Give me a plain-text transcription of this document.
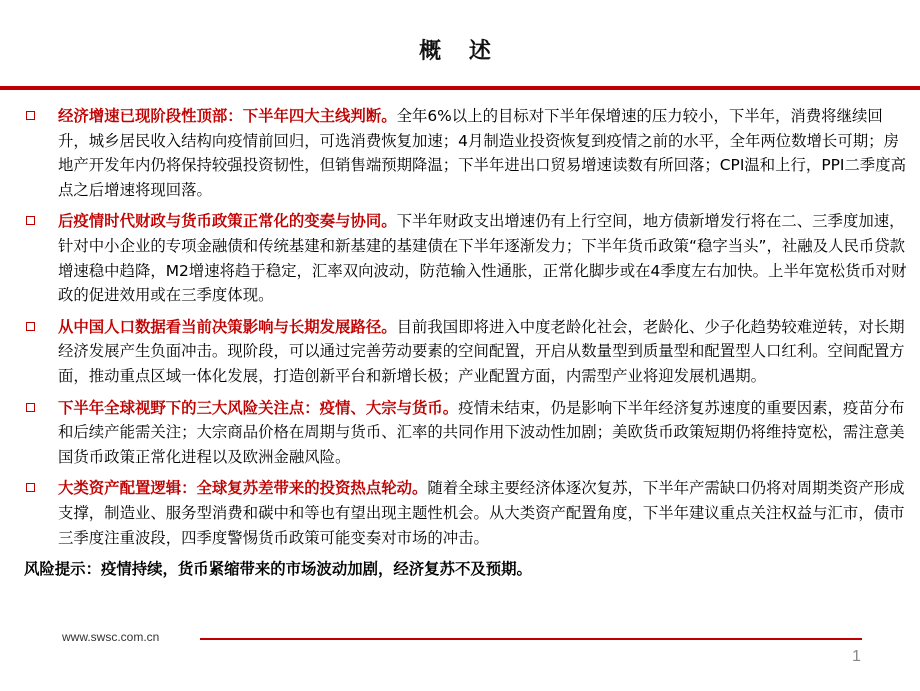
概 述
经济增速已现阶段性顶部：下半年四大主线判断。全年6%以上的目标对下半年保增速的压力较小，下半年，消费将继续回升，城乡居民收入结构向疫情前回归，可选消费恢复加速；4月制造业投资恢复到疫情之前的水平，全年两位数增长可期；房地产开发年内仍将保持较强投资韧性，但销售端预期降温；下半年进出口贸易增速读数有所回落；CPI温和上行，PPI二季度高点之后增速将现回落。
后疫情时代财政与货币政策正常化的变奏与协同。下半年财政支出增速仍有上行空间，地方债新增发行将在二、三季度加速，针对中小企业的专项金融债和传统基建和新基建的基建债在下半年逐渐发力；下半年货币政策“稳字当头”，社融及人民币贷款增速稳中趋降，M2增速将趋于稳定，汇率双向波动，防范输入性通胀，正常化脚步或在4季度左右加快。上半年宽松货币对财政的促进效用或在三季度体现。
从中国人口数据看当前决策影响与长期发展路径。目前我国即将进入中度老龄化社会，老龄化、少子化趋势较难逆转，对长期经济发展产生负面冲击。现阶段，可以通过完善劳动要素的空间配置，开启从数量型到质量型和配置型人口红利。空间配置方面，推动重点区域一体化发展，打造创新平台和新增长极；产业配置方面，内需型产业将迎发展机遇期。
下半年全球视野下的三大风险关注点：疫情、大宗与货币。疫情未结束，仍是影响下半年经济复苏速度的重要因素，疫苗分布和后续产能需关注；大宗商品价格在周期与货币、汇率的共同作用下波动性加剧；美欧货币政策短期仍将维持宽松，需注意美国货币政策正常化进程以及欧洲金融风险。
大类资产配置逻辑：全球复苏差带来的投资热点轮动。随着全球主要经济体逐次复苏，下半年产需缺口仍将对周期类资产形成支撑，制造业、服务型消费和碳中和等也有望出现主题性机会。从大类资产配置角度，下半年建议重点关注权益与汇市，债市三季度注重波段，四季度警惕货币政策可能变奏对市场的冲击。
风险提示：疫情持续，货币紧缩带来的市场波动加剧，经济复苏不及预期。
www.swsc.com.cn
1
